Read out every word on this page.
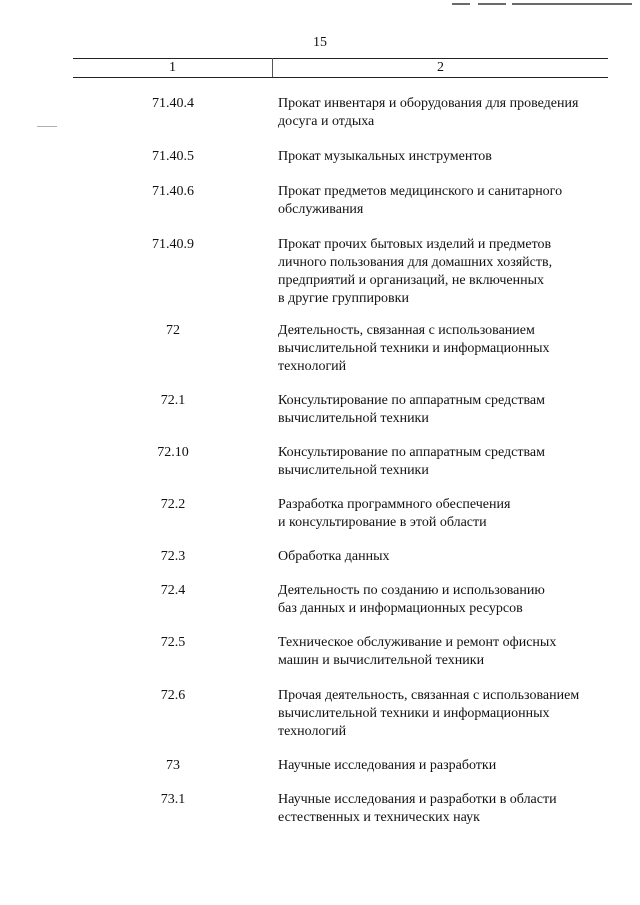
15
1	2
71.40.4	Прокат инвентаря и оборудования для проведения
досуга и отдыха
71.40.5	Прокат музыкальных инструментов
71.40.6	Прокат предметов медицинского и санитарного
обслуживания
71.40.9	Прокат прочих бытовых изделий и предметов
личного пользования для домашних хозяйств,
предприятий и организаций, не включенных
в другие группировки
72	Деятельность, связанная с использованием
вычислительной техники и информационных
технологий
72.1	Консультирование по аппаратным средствам
вычислительной техники
72.10	Консультирование по аппаратным средствам
вычислительной техники
72.2	Разработка программного обеспечения
и консультирование в этой области
72.3	Обработка данных
72.4	Деятельность по созданию и использованию
баз данных и информационных ресурсов
72.5	Техническое обслуживание и ремонт офисных
машин и вычислительной техники
72.6	Прочая деятельность, связанная с использованием
вычислительной техники и информационных
технологий
73	Научные исследования и разработки
73.1	Научные исследования и разработки в области
естественных и технических наук
